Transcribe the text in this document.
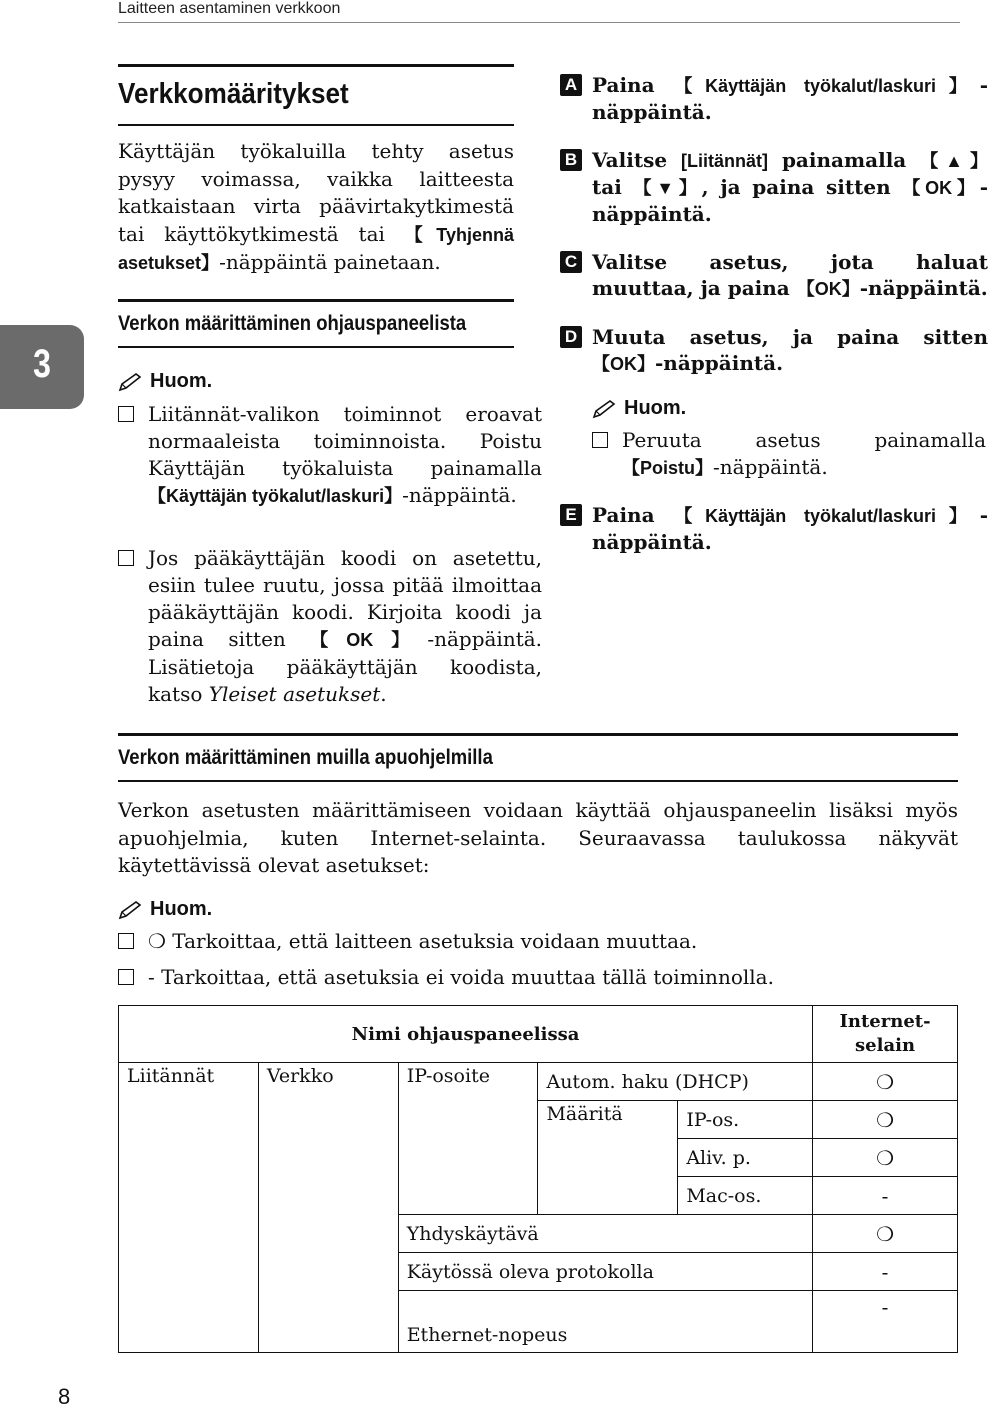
Laitteen asentaminen verkkoon
3
Verkkomääritykset
Käyttäjän työkaluilla tehty asetus pysyy voimassa, vaikka laitteesta katkaistaan virta päävirtakytkimestä tai käyttökytkimestä tai 【Tyhjennä asetukset】-näppäintä painetaan.
Verkon määrittäminen ohjauspaneelista
Huom.
Liitännät-valikon toiminnot eroavat normaaleista toiminnoista. Poistu Käyttäjän työkaluista painamalla 【Käyttäjän työkalut/laskuri】-näppäintä.
Jos pääkäyttäjän koodi on asetettu, esiin tulee ruutu, jossa pitää ilmoittaa pääkäyttäjän koodi. Kirjoita koodi ja paina sitten 【OK】-näppäintä. Lisätietoja pääkäyttäjän koodista, katso Yleiset asetukset.
A Paina 【Käyttäjän työkalut/laskuri】-näppäintä.
B Valitse [Liitännät] painamalla 【▲】 tai 【▼】, ja paina sitten 【OK】-näppäintä.
C Valitse asetus, jota haluat muuttaa, ja paina 【OK】-näppäintä.
D Muuta asetus, ja paina sitten 【OK】-näppäintä.
Huom.
Peruuta asetus painamalla 【Poistu】-näppäintä.
E Paina 【Käyttäjän työkalut/laskuri】-näppäintä.
Verkon määrittäminen muilla apuohjelmilla
Verkon asetusten määrittämiseen voidaan käyttää ohjauspaneelin lisäksi myös apuohjelmia, kuten Internet-selainta. Seuraavassa taulukossa näkyvät käytettävissä olevat asetukset:
Huom.
❍ Tarkoittaa, että laitteen asetuksia voidaan muuttaa.
- Tarkoittaa, että asetuksia ei voida muuttaa tällä toiminnolla.
Nimi ohjauspaneelissa					Internet-selain
Liitännät	Verkko	IP-osoite	Autom. haku (DHCP)		❍
			Määritä	IP-os.	❍
				Aliv. p.	❍
				Mac-os.	-
		Yhdyskäytävä			❍
		Käytössä oleva protokolla			-
		Ethernet-nopeus			-
8
